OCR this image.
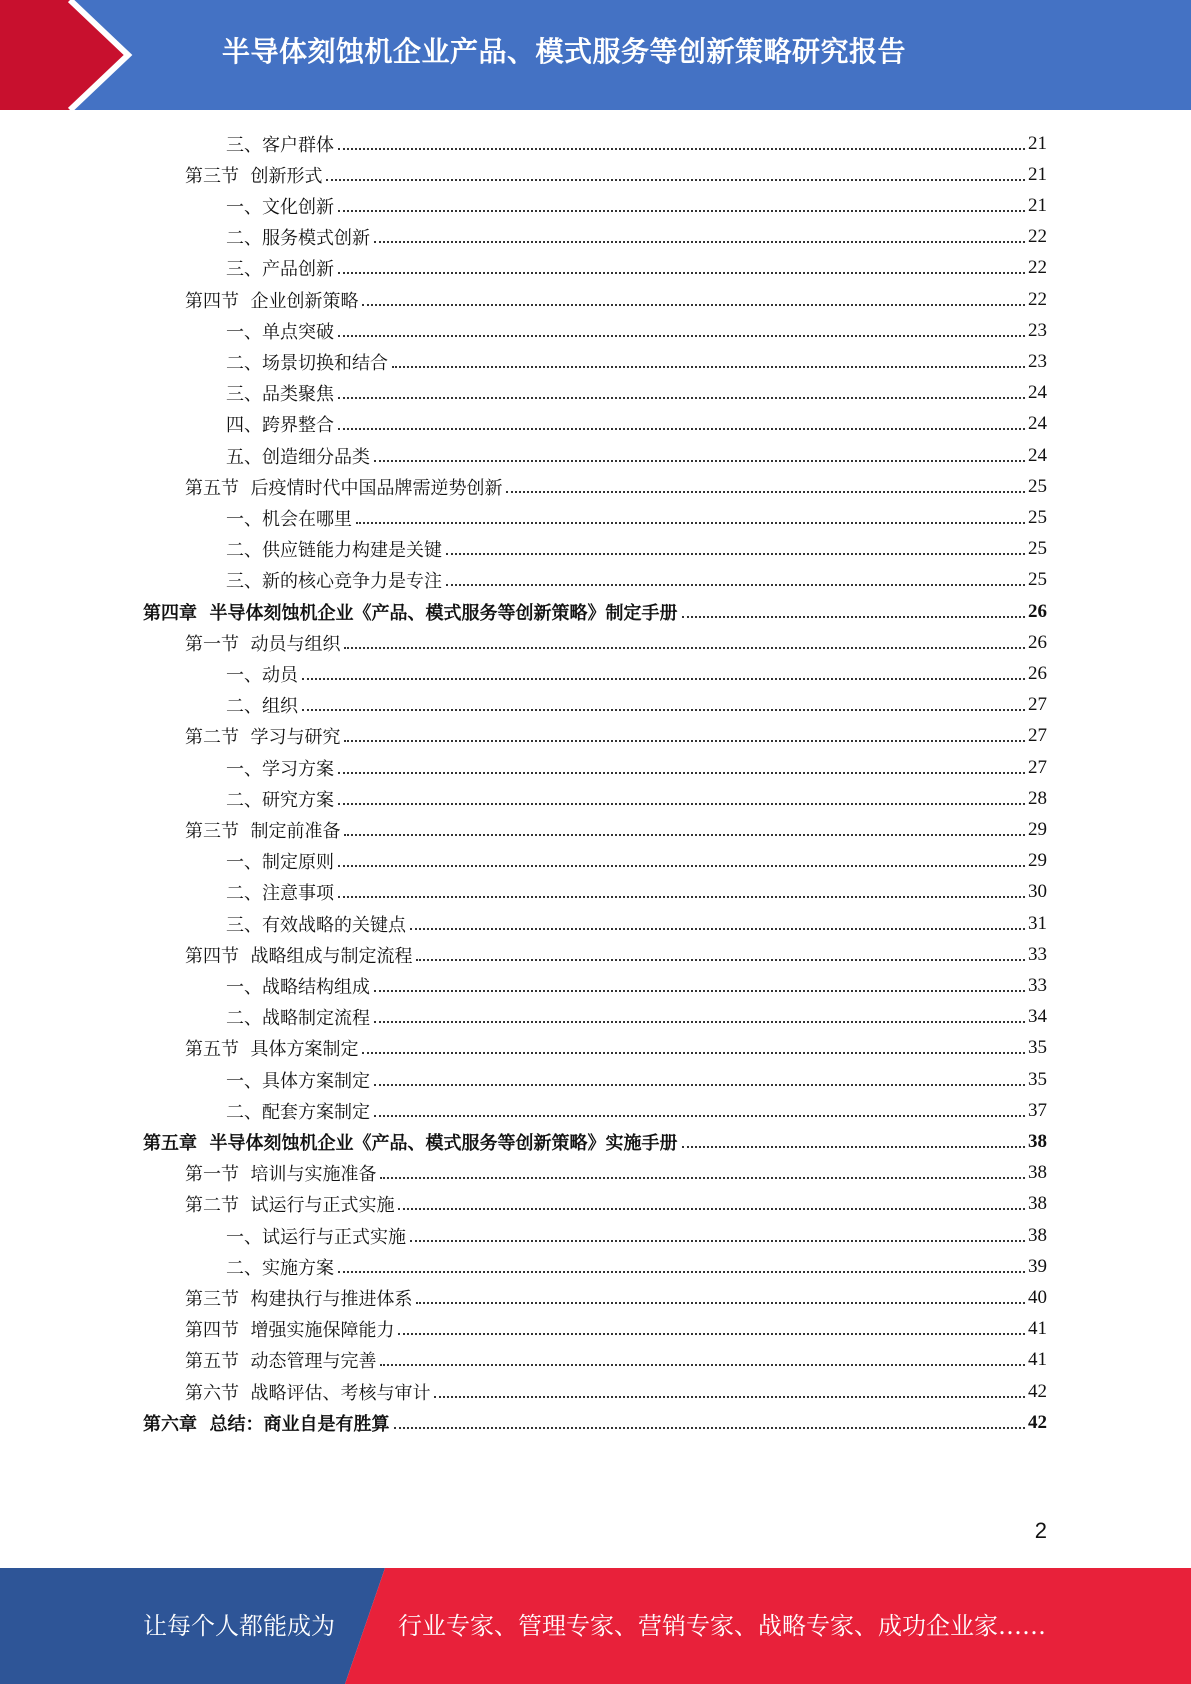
半导体刻蚀机企业产品、模式服务等创新策略研究报告
三、客户群体	21
第三节  创新形式	21
一、文化创新	21
二、服务模式创新	22
三、产品创新	22
第四节  企业创新策略	22
一、单点突破	23
二、场景切换和结合	23
三、品类聚焦	24
四、跨界整合	24
五、创造细分品类	24
第五节  后疫情时代中国品牌需逆势创新	25
一、机会在哪里	25
二、供应链能力构建是关键	25
三、新的核心竞争力是专注	25
第四章  半导体刻蚀机企业《产品、模式服务等创新策略》制定手册	26
第一节  动员与组织	26
一、动员	26
二、组织	27
第二节  学习与研究	27
一、学习方案	27
二、研究方案	28
第三节  制定前准备	29
一、制定原则	29
二、注意事项	30
三、有效战略的关键点	31
第四节  战略组成与制定流程	33
一、战略结构组成	33
二、战略制定流程	34
第五节  具体方案制定	35
一、具体方案制定	35
二、配套方案制定	37
第五章  半导体刻蚀机企业《产品、模式服务等创新策略》实施手册	38
第一节  培训与实施准备	38
第二节  试运行与正式实施	38
一、试运行与正式实施	38
二、实施方案	39
第三节  构建执行与推进体系	40
第四节  增强实施保障能力	41
第五节  动态管理与完善	41
第六节  战略评估、考核与审计	42
第六章  总结：商业自是有胜算	42
2
让每个人都能成为	行业专家、管理专家、营销专家、战略专家、成功企业家……
